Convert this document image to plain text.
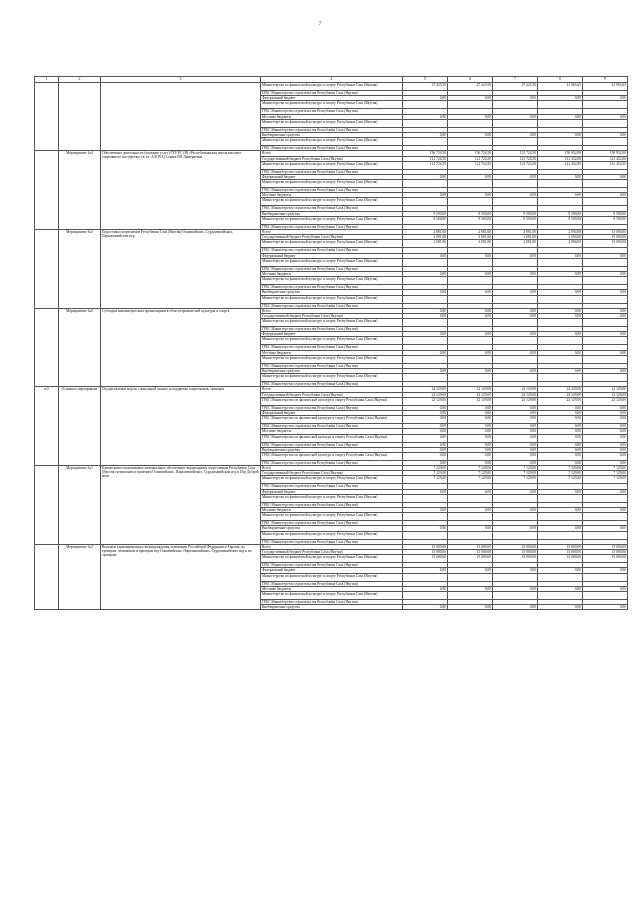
7
1	2	3	4	5	6	7	8	9
			Министерство по физической культуре и спорту Республики Саха (Якутия)	27 225,50	27 225,50	27 225,50	41 065,65	41 065,65
			ГРБС Министерство строительства Республики Саха (Якутия)					
			Федеральный бюджет	0,00	0,00	0,00	0,00	0,00
			Министерство по физической культуре и спорту Республики Саха (Якутия)					
			ГРБС Министерство строительства Республики Саха (Якутия)					
			Местные бюджеты	0,00	0,00	0,00	0,00	0,00
			Министерство по физической культуре и спорту Республики Саха (Якутия)					
			ГРБС Министерство строительства Республики Саха (Якутия)					
			Внебюджетные средства	0,00	0,00	0,00	0,00	0,00
			Министерство по физической культуре и спорту Республики Саха (Якутия)					
			ГРБС Министерство строительства Республики Саха (Якутия)					
	Мероприятие №4	Обеспечение деятельности (оказание услуг) ГБУ РС (Я) «Республиканская школа высшего спортивного мастерства» (в т.ч. АЛОХХ) Ставка РМ Дмитриевна	Всего	136 724,50	136 724,50	131 724,50	150 952,00	150 952,00
			Государственный бюджет Республики Саха (Якутия)	121 724,50	121 724,50	121 724,50	141 452,00	141 452,00
			Министерство по физической культуре и спорту Республики Саха (Якутия)	121 724,50	121 724,50	121 724,50	141 452,00	141 452,00
			ГРБС Министерство строительства Республики Саха (Якутия)					
			Федеральный бюджет	0,00	0,00	0,00	0,00	0,00
			Министерство по физической культуре и спорту Республики Саха (Якутия)					
			ГРБС Министерство строительства Республики Саха (Якутия)					
			Местные бюджеты	0,00	0,00	0,00	0,00	0,00
			Министерство по физической культуре и спорту Республики Саха (Якутия)					
			ГРБС Министерство строительства Республики Саха (Якутия)					
			Внебюджетные средства	9 500,00	9 500,00	9 500,00	9 500,00	9 500,00
			Министерство по физической культуре и спорту Республики Саха (Якутия)	9 500,00	9 500,00	9 500,00	9 500,00	9 500,00
			ГРБС Министерство строительства Республики Саха (Якутия)					
	Мероприятие №5	Подготовка спортсменов Республики Саха (Якутия) Олимпийских, Сурдлимпийских, Паралимпийских игр	Всего	2 081,00	2 081,00	2 081,00	2 094,00	15 000,00
			Государственный бюджет Республики Саха (Якутия)	2 081,00	2 081,00	2 081,00	2 094,00	15 000,00
			Министерство по физической культуре и спорту Республики Саха (Якутия)	2 081,00	2 081,00	2 081,00	2 094,00	15 000,00
			ГРБС Министерство строительства Республики Саха (Якутия)					
			Федеральный бюджет	0,00	0,00	0,00	0,00	0,00
			Министерство по физической культуре и спорту Республики Саха (Якутия)					
			ГРБС Министерство строительства Республики Саха (Якутия)					
			Местные бюджеты	0,00	0,00	0,00	0,00	0,00
			Министерство по физической культуре и спорту Республики Саха (Якутия)					
			ГРБС Министерство строительства Республики Саха (Якутия)					
			Внебюджетные средства	0,00	0,00	0,00	0,00	0,00
			Министерство по физической культуре и спорту Республики Саха (Якутия)					
			ГРБС Министерство строительства Республики Саха (Якутия)					
	Мероприятие №6	Субсидии некоммерческим организациям в области физической культуры и спорта	Всего	0,00	0,00	0,00	0,00	0,00
			Государственный бюджет Республики Саха (Якутия)	0,00	0,00	0,00	0,00	0,00
			Министерство по физической культуре и спорту Республики Саха (Якутия)					
			ГРБС Министерство строительства Республики Саха (Якутия)					
			Федеральный бюджет	0,00	0,00	0,00	0,00	0,00
			Министерство по физической культуре и спорту Республики Саха (Якутия)					
			ГРБС Министерство строительства Республики Саха (Якутия)					
			Местные бюджеты	0,00	0,00	0,00	0,00	0,00
			Министерство по физической культуре и спорту Республики Саха (Якутия)					
			ГРБС Министерство строительства Республики Саха (Якутия)					
			Внебюджетные средства	0,00	0,00	0,00	0,00	0,00
			Министерство по физической культуре и спорту Республики Саха (Якутия)					
			ГРБС Министерство строительства Республики Саха (Якутия)					
п/2	Основное мероприятие	Осуществление мер по социальной защите и поддержке спортсменов, тренеров	Всего	22 129,00	22 129,00	22 129,00	22 129,00	22 129,00
			Государственный бюджет Республики Саха (Якутия)	22 129,00	22 129,00	22 129,00	22 129,00	22 129,00
			ГРБС Министерство по физической культуре и спорту Республики Саха (Якутия)	22 129,00	22 129,00	22 129,00	22 129,00	22 129,00
			ГРБС Министерство строительства Республики Саха (Якутия)	0,00	0,00	0,00	0,00	0,00
			Федеральный бюджет	0,00	0,00	0,00	0,00	0,00
			ГРБС Министерство по физической культуре и спорту Республики Саха (Якутия)	0,00	0,00	0,00	0,00	0,00
			ГРБС Министерство строительства Республики Саха (Якутия)	0,00	0,00	0,00	0,00	0,00
			Местные бюджеты	0,00	0,00	0,00	0,00	0,00
			ГРБС Министерство по физической культуре и спорту Республики Саха (Якутия)	0,00	0,00	0,00	0,00	0,00
			ГРБС Министерство строительства Республики Саха (Якутия)	0,00	0,00	0,00	0,00	0,00
			Внебюджетные средства	0,00	0,00	0,00	0,00	0,00
			ГРБС Министерство по физической культуре и спорту Республики Саха (Якутия)	0,00	0,00	0,00	0,00	0,00
			ГРБС Министерство строительства Республики Саха (Якутия)	0,00	0,00	0,00	0,00	0,00
	Мероприятие №1	Ежемесячное пожизненное материальное обеспечение выдающимся спортсменам Республики Саха (Якутия) чемпионам и призерам Олимпийских, Паралимпийских, Сурдлимпийских игр и Игр Доброй воли	Всего	7 129,00	7 129,00	7 129,00	7 129,00	7 129,00
			Государственный бюджет Республики Саха (Якутия)	7 129,00	7 129,00	7 129,00	7 129,00	7 129,00
			Министерство по физической культуре и спорту Республики Саха (Якутия)	7 129,00	7 129,00	7 129,00	7 129,00	7 129,00
			ГРБС Министерство строительства Республики Саха (Якутия)					
			Федеральный бюджет	0,00	0,00	0,00	0,00	0,00
			Министерство по физической культуре и спорту Республики Саха (Якутия)					
			ГРБС Министерство строительства Республики Саха (Якутия)					
			Местные бюджеты	0,00	0,00	0,00	0,00	0,00
			Министерство по физической культуре и спорту Республики Саха (Якутия)					
			ГРБС Министерство строительства Республики Саха (Якутия)					
			Внебюджетные средства	0,00	0,00	0,00	0,00	0,00
			Министерство по физической культуре и спорту Республики Саха (Якутия)					
			ГРБС Министерство строительства Республики Саха (Якутия)					
	Мероприятие №2	Выплаты единовременного вознаграждения чемпионам Российской Федерации и Европы, их тренерам, чемпионам и призерам игр Олимпийских, Паралимпийских, Сурдлимпийских игр и их тренерам	Всего	15 000,00	15 000,00	15 000,00	15 000,00	15 000,00
			Государственный бюджет Республики Саха (Якутия)	15 000,00	15 000,00	15 000,00	15 000,00	15 000,00
			Министерство по физической культуре и спорту Республики Саха (Якутия)	15 000,00	15 000,00	15 000,00	15 000,00	15 000,00
			ГРБС Министерство строительства Республики Саха (Якутия)					
			Федеральный бюджет	0,00	0,00	0,00	0,00	0,00
			Министерство по физической культуре и спорту Республики Саха (Якутия)					
			ГРБС Министерство строительства Республики Саха (Якутия)					
			Местные бюджеты	0,00	0,00	0,00	0,00	0,00
			Министерство по физической культуре и спорту Республики Саха (Якутия)					
			ГРБС Министерство строительства Республики Саха (Якутия)					
			Внебюджетные средства	0,00	0,00	0,00	0,00	0,00
